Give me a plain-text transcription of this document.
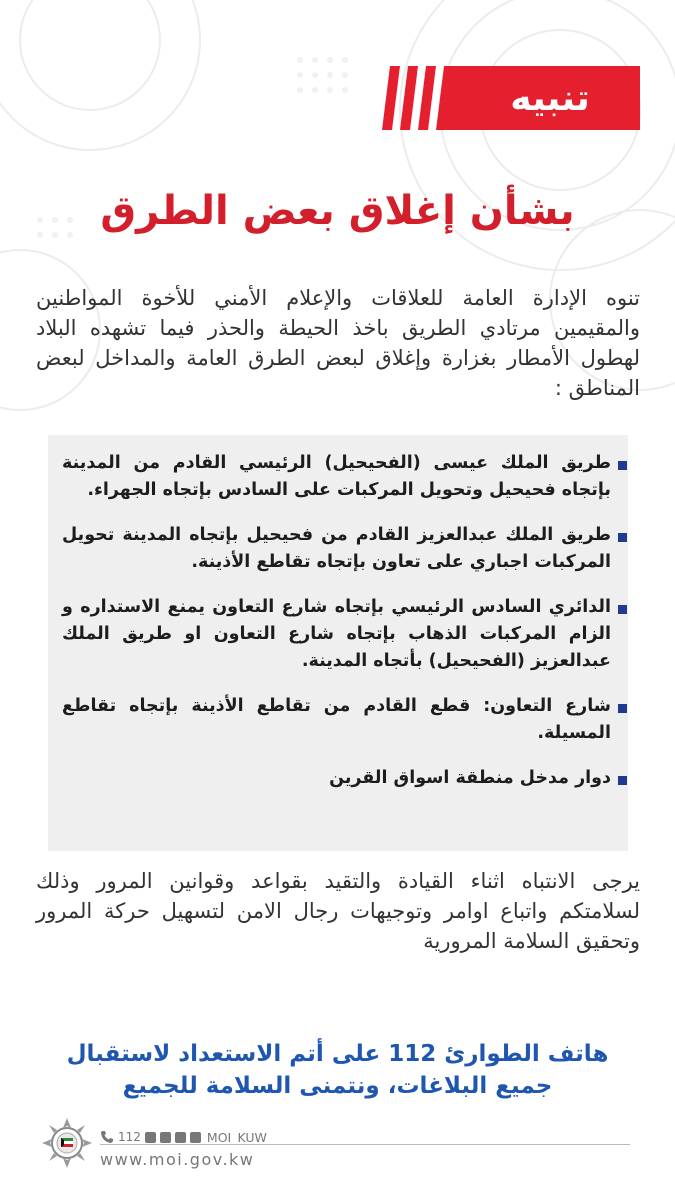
تنبيه
بشأن إغلاق بعض الطرق

تنوه الإدارة العامة للعلاقات والإعلام الأمني للأخوة المواطنين والمقيمين مرتادي الطريق باخذ الحيطة والحذر فيما تشهده البلاد لهطول الأمطار بغزارة وإغلاق لبعض الطرق العامة والمداخل لبعض المناطق :

طريق الملك عيسى (الفحيحيل) الرئيسي القادم من المدينة بإتجاه فحيحيل وتحويل المركبات على السادس بإتجاه الجهراء.
طريق الملك عبدالعزيز القادم من فحيحيل بإتجاه المدينة تحويل المركبات اجباري على تعاون بإتجاه تقاطع الأذينة.
الدائري السادس الرئيسي بإتجاه شارع التعاون يمنع الاستداره و الزام المركبات الذهاب بإتجاه شارع التعاون او طريق الملك عبدالعزيز (الفحيحيل) بأتجاه المدينة.
شارع التعاون: قطع القادم من تقاطع الأذينة بإتجاه تقاطع المسيلة.
دوار مدخل منطقة اسواق القرين

يرجى الانتباه اثناء القيادة والتقيد بقواعد وقوانين المرور وذلك لسلامتكم واتباع اوامر وتوجيهات رجال الامن لتسهيل حركة المرور وتحقيق السلامة المرورية

هاتف الطوارئ 112 على أتم الاستعداد لاستقبال
جميع البلاغات، ونتمنى السلامة للجميع
112	MOI_KUW
www.moi.gov.kw
